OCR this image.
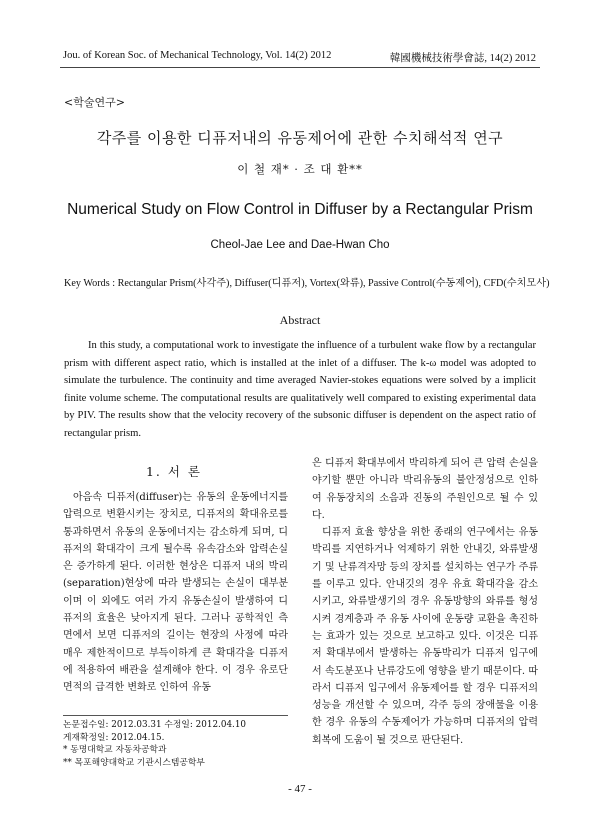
Jou. of Korean Soc. of Mechanical Technology, Vol. 14(2) 2012	韓國機械技術學會誌, 14(2) 2012
<학술연구>
각주를 이용한 디퓨저내의 유동제어에 관한 수치해석적 연구
이 철 재* · 조 대 환**
Numerical Study on Flow Control in Diffuser by a Rectangular Prism
Cheol-Jae Lee and Dae-Hwan Cho
Key Words : Rectangular Prism(사각주), Diffuser(디퓨저), Vortex(와류), Passive Control(수동제어), CFD(수치모사)
Abstract

In this study, a computational work to investigate the influence of a turbulent wake flow by a rectangular prism with different aspect ratio, which is installed at the inlet of a diffuser. The k-ω model was adopted to simulate the turbulence. The continuity and time averaged Navier-stokes equations were solved by a implicit finite volume scheme. The computational results are qualitatively well compared to existing experimental data by PIV. The results show that the velocity recovery of the subsonic diffuser is dependent on the aspect ratio of rectangular prism.

1. 서 론

아음속 디퓨저(diffuser)는 유동의 운동에너지를 압력으로 변환시키는 장치로, 디퓨저의 확대유로를 통과하면서 유동의 운동에너지는 감소하게 되며, 디퓨저의 확대각이 크게 될수록 유속감소와 압력손실은 증가하게 된다. 이러한 현상은 디퓨저 내의 박리(separation)현상에 따라 발생되는 손실이 대부분이며 이 외에도 여러 가지 유동손실이 발생하여 디퓨저의 효율은 낮아지게 된다. 그러나 공학적인 측면에서 보면 디퓨저의 길이는 현장의 사정에 따라 매우 제한적이므로 부득이하게 큰 확대각을 디퓨저에 적용하여 배관을 설계해야 한다. 이 경우 유로단면적의 급격한 변화로 인하여 유동

은 디퓨저 확대부에서 박리하게 되어 큰 압력 손실을 야기할 뿐만 아니라 박리유동의 불안정성으로 인하여 유동장치의 소음과 진동의 주원인으로 될 수 있다.

디퓨저 효율 향상을 위한 종래의 연구에서는 유동박리를 지연하거나 억제하기 위한 안내깃, 와류발생기 및 난류격자망 등의 장치를 설치하는 연구가 주류를 이루고 있다. 안내깃의 경우 유효 확대각을 감소시키고, 와류발생기의 경우 유동방향의 와류를 형성시켜 경계층과 주 유동 사이에 운동량 교환을 촉진하는 효과가 있는 것으로 보고하고 있다. 이것은 디퓨저 확대부에서 발생하는 유동박리가 디퓨저 입구에서 속도분포나 난류강도에 영향을 받기 때문이다. 따라서 디퓨저 입구에서 유동제어를 할 경우 디퓨저의 성능을 개선할 수 있으며, 각주 등의 장애물을 이용한 경우 유동의 수동제어가 가능하며 디퓨저의 압력회복에 도움이 될 것으로 판단된다.

논문접수일: 2012.03.31 수정일: 2012.04.10
게재확정일: 2012.04.15.
* 동명대학교 자동차공학과
** 목포해양대학교 기관시스템공학부
- 47 -
